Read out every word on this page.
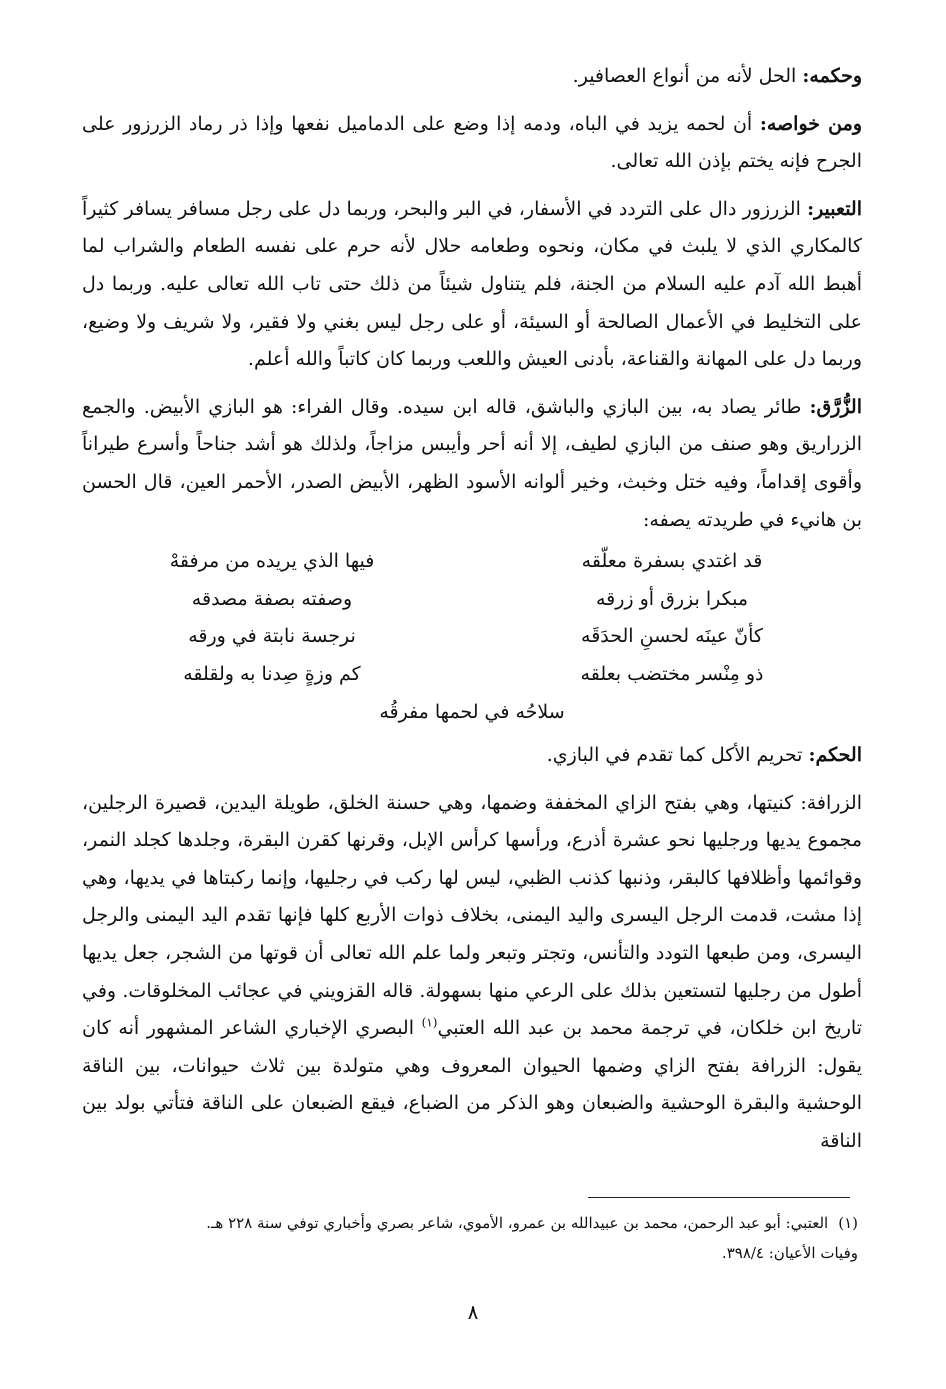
وحكمه: الحل لأنه من أنواع العصافير.

ومن خواصه: أن لحمه يزيد في الباه، ودمه إذا وضع على الدماميل نفعها وإذا ذر رماد الزرزور على الجرح فإنه يختم بإذن الله تعالى.

التعبير: الزرزور دال على التردد في الأسفار، في البر والبحر، وربما دل على رجل مسافر يسافر كثيراً كالمكاري الذي لا يلبث في مكان، ونحوه وطعامه حلال لأنه حرم على نفسه الطعام والشراب لما أهبط الله آدم عليه السلام من الجنة، فلم يتناول شيئاً من ذلك حتى تاب الله تعالى عليه. وربما دل على التخليط في الأعمال الصالحة أو السيئة، أو على رجل ليس بغني ولا فقير، ولا شريف ولا وضيع، وربما دل على المهانة والقناعة، بأدنى العيش واللعب وربما كان كاتباً والله أعلم.

الزُّرَّق: طائر يصاد به، بين البازي والباشق، قاله ابن سيده. وقال الفراء: هو البازي الأبيض. والجمع الزراريق وهو صنف من البازي لطيف، إلا أنه أحر وأيبس مزاجاً، ولذلك هو أشد جناحاً وأسرع طيراناً وأقوى إقداماً، وفيه ختل وخبث، وخير ألوانه الأسود الظهر، الأبيض الصدر، الأحمر العين، قال الحسن بن هانيء في طريدته يصفه:

قد اغتدي بسفرة معلّقه
فيها الذي يريده من مرفقهْ
مبكرا بزرق أو زرقه
وصفته بصفة مصدقه
كأنّ عينَه لحسنِ الحدَقَه
نرجسة نابتة في ورقه
ذو مِنْسر مختضب بعلقه
كم وزةٍ صِدنا به ولقلقه
سلاحُه في لحمها مفرقُه

الحكم: تحريم الأكل كما تقدم في البازي.

الزرافة: كنيتها، وهي بفتح الزاي المخففة وضمها، وهي حسنة الخلق، طويلة اليدين، قصيرة الرجلين، مجموع يديها ورجليها نحو عشرة أذرع، ورأسها كرأس الإبل، وقرنها كقرن البقرة، وجلدها كجلد النمر، وقوائمها وأظلافها كالبقر، وذنبها كذنب الظبي، ليس لها ركب في رجليها، وإنما ركبتاها في يديها، وهي إذا مشت، قدمت الرجل اليسرى واليد اليمنى، بخلاف ذوات الأربع كلها فإنها تقدم اليد اليمنى والرجل اليسرى، ومن طبعها التودد والتأنس، وتجتر وتبعر ولما علم الله تعالى أن قوتها من الشجر، جعل يديها أطول من رجليها لتستعين بذلك على الرعي منها بسهولة. قاله القزويني في عجائب المخلوقات. وفي تاريخ ابن خلكان، في ترجمة محمد بن عبد الله العتبي$^{(١)}$ البصري الإخباري الشاعر المشهور أنه كان يقول: الزرافة بفتح الزاي وضمها الحيوان المعروف وهي متولدة بين ثلاث حيوانات، بين الناقة الوحشية والبقرة الوحشية والضبعان وهو الذكر من الضباع، فيقع الضبعان على الناقة فتأتي بولد بين الناقة

(١)العتبي: أبو عبد الرحمن، محمد بن عبيدالله بن عمرو، الأموي، شاعر بصري وأخباري توفي سنة ٢٢٨ هـ.
وفيات الأعيان: ٣٩٨/٤.
٨
